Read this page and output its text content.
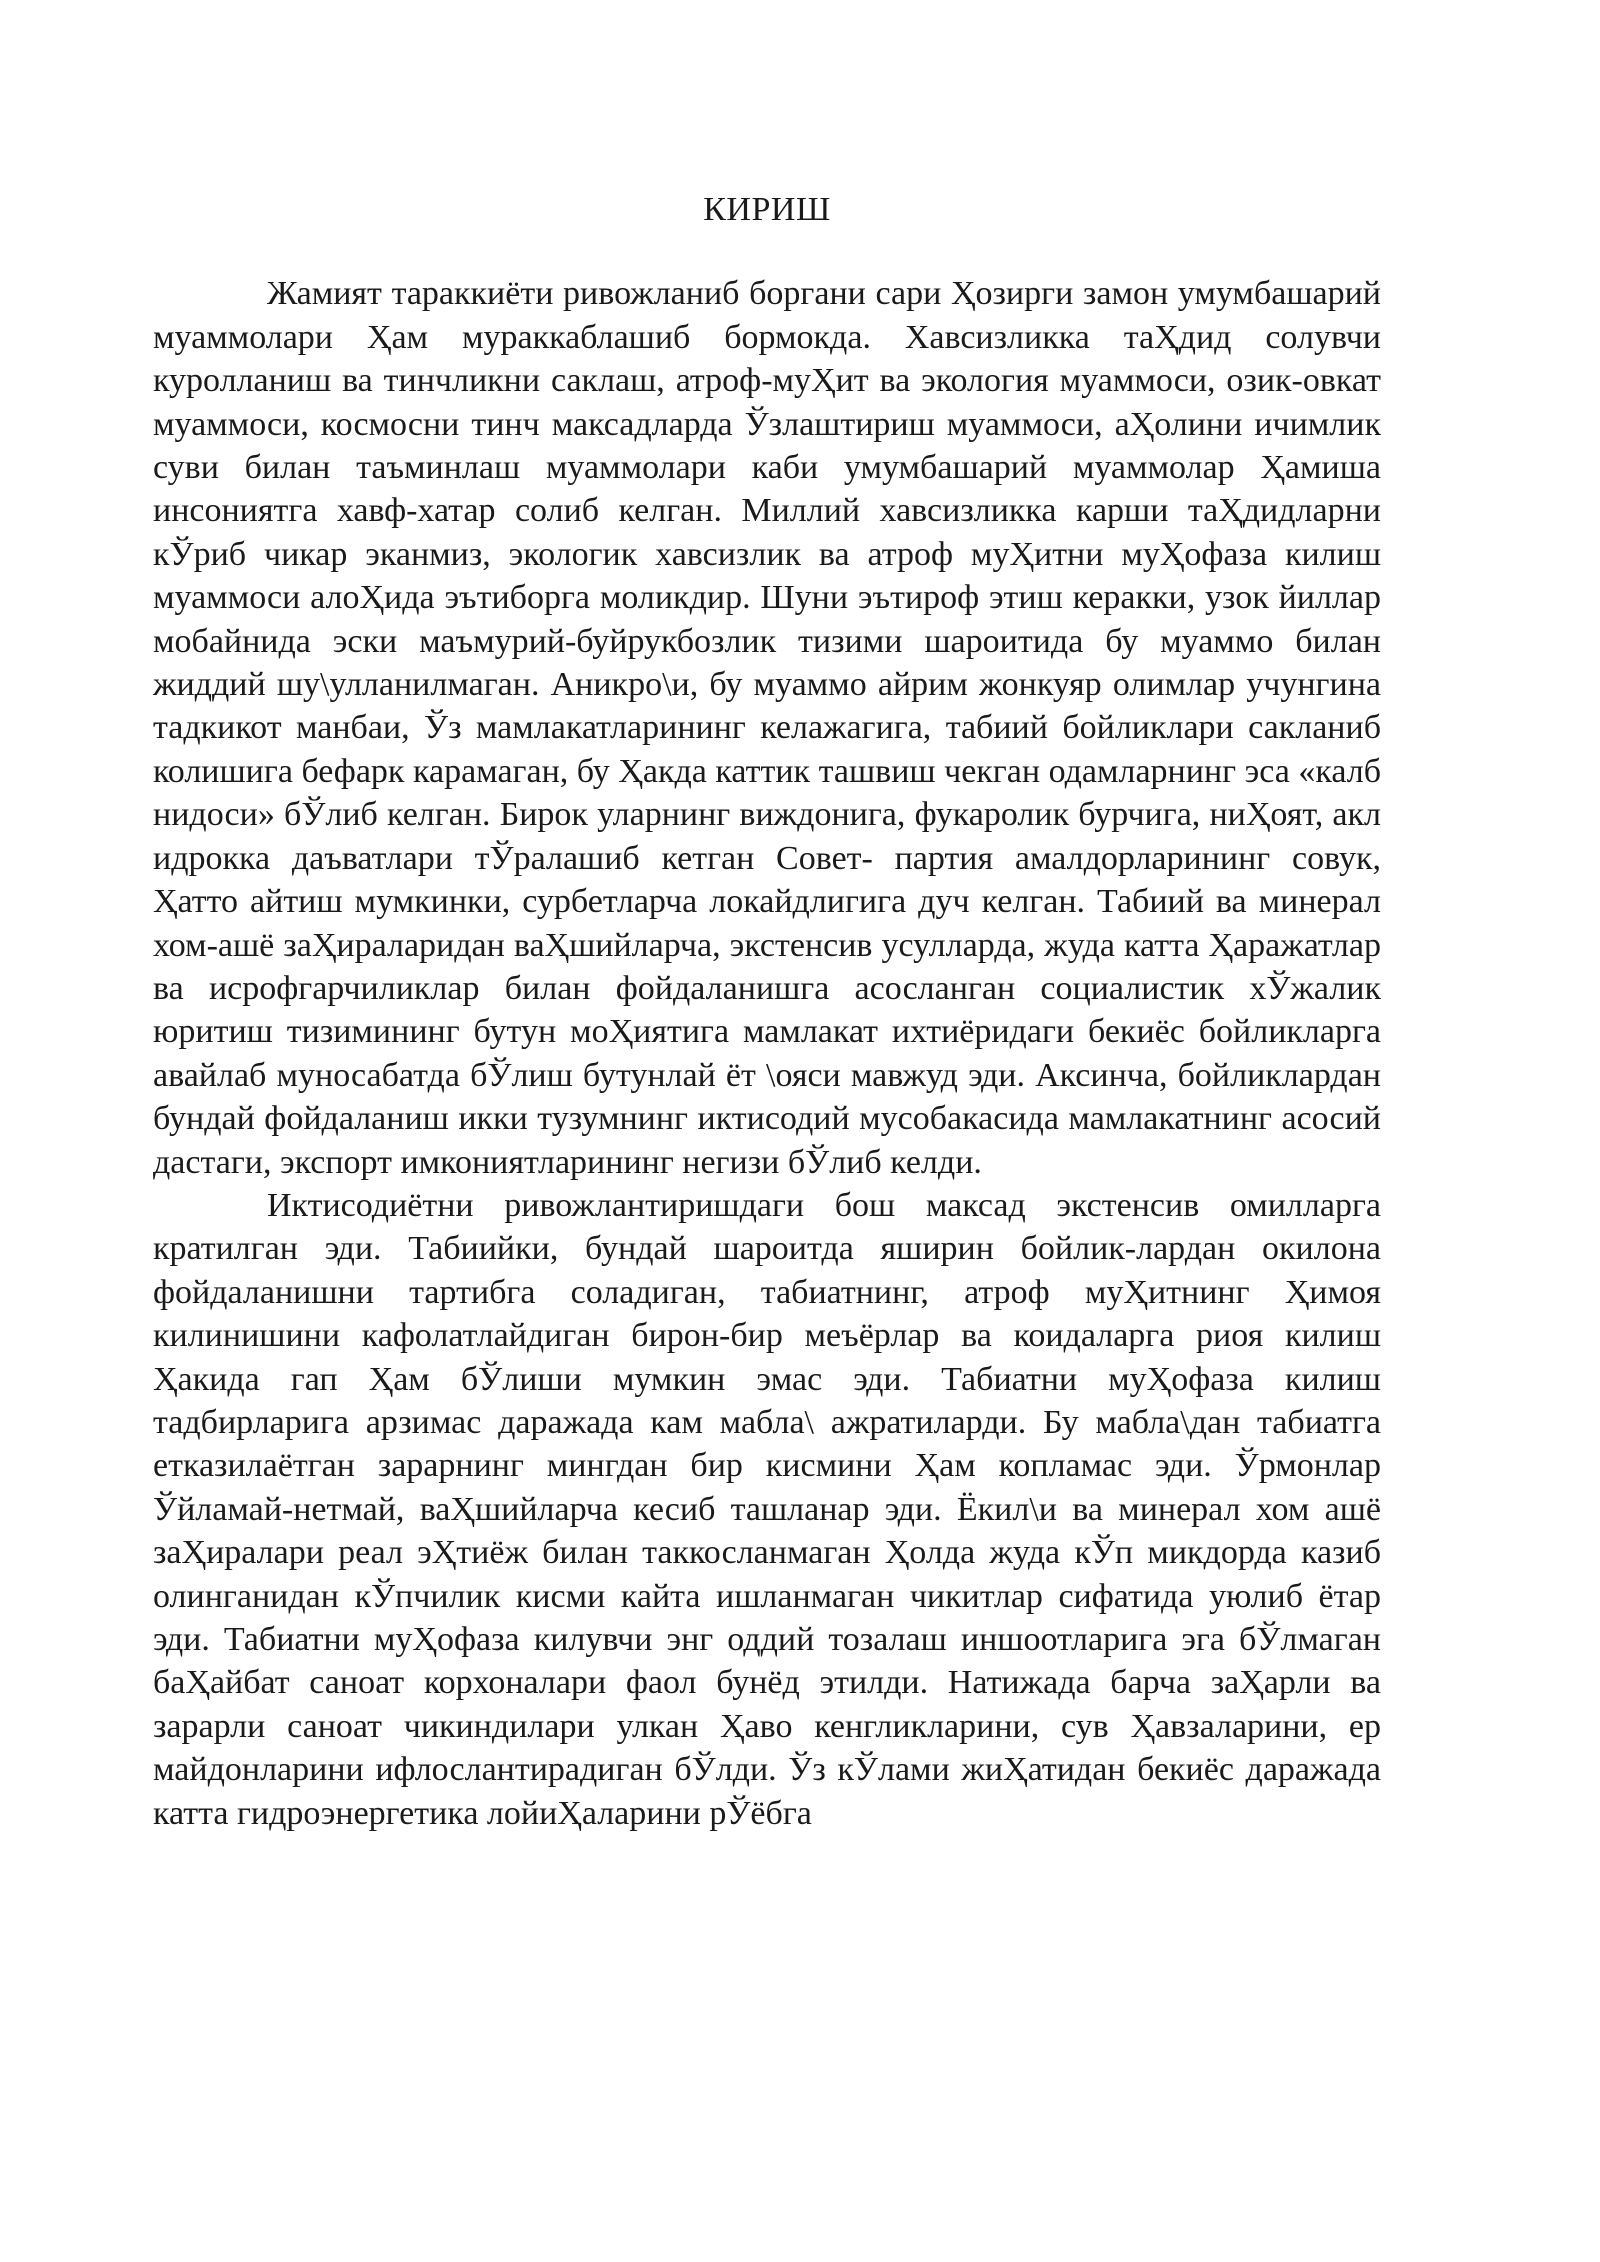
КИРИШ

Жамият тараккиёти ривожланиб боргани сари Ҳозирги замон умумбашарий муаммолари Ҳам мураккаблашиб бормокда. Хавсизликка таҲдид солувчи куролланиш ва тинчликни саклаш, атроф-муҲит ва экология муаммоси, озик-овкат муаммоси, космосни тинч максадларда Ўзлаштириш муаммоси, аҲолини ичимлик суви билан таъминлаш муаммолари каби умумбашарий муаммолар Ҳамиша инсониятга хавф-хатар солиб келган. Миллий хавсизликка карши таҲдидларни кЎриб чикар эканмиз, экологик хавсизлик ва атроф муҲитни муҲофаза килиш муаммоси алоҲида эътиборга моликдир. Шуни эътироф этиш керакки, узок йиллар мобайнида эски маъмурий-буйрукбозлик тизими шароитида бу муаммо билан жиддий шу\улланилмаган. Аникро\и, бу муаммо айрим жонкуяр олимлар учунгина тадкикот манбаи, Ўз мамлакатларининг келажагига, табиий бойликлари сакланиб колишига бефарк карамаган, бу Ҳакда каттик ташвиш чекган одамларнинг эса «калб нидоси» бЎлиб келган. Бирок уларнинг виждонига, фукаролик бурчига, ниҲоят, акл идрокка даъватлари тЎралашиб кетган Совет- партия амалдорларининг совук, Ҳатто айтиш мумкинки, сурбетларча локайдлигига дуч келган. Табиий ва минерал хом-ашё заҲираларидан ваҲшийларча, экстенсив усулларда, жуда катта Ҳаражатлар ва исрофгарчиликлар билан фойдаланишга асосланган социалистик хЎжалик юритиш тизимининг бутун моҲиятига мамлакат ихтиёридаги бекиёс бойликларга авайлаб муносабатда бЎлиш бутунлай ёт \ояси мавжуд эди. Аксинча, бойликлардан бундай фойдаланиш икки тузумнинг иктисодий мусобакасида мамлакатнинг асосий дастаги, экспорт имкониятларининг негизи бЎлиб келди.

Иктисодиётни ривожлантиришдаги бош максад экстенсив омилларга кратилган эди. Табиийки, бундай шароитда яширин бойлик-лардан окилона фойдаланишни тартибга соладиган, табиатнинг, атроф муҲитнинг Ҳимоя килинишини кафолатлайдиган бирон-бир меъёрлар ва коидаларга риоя килиш Ҳакида гап Ҳам бЎлиши мумкин эмас эди. Табиатни муҲофаза килиш тадбирларига арзимас даражада кам мабла\ ажратиларди. Бу мабла\дан табиатга етказилаётган зарарнинг мингдан бир кисмини Ҳам копламас эди. Ўрмонлар Ўйламай-нетмай, ваҲшийларча кесиб ташланар эди. Ёкил\и ва минерал хом ашё заҲиралари реал эҲтиёж билан таккосланмаган Ҳолда жуда кЎп микдорда казиб олинганидан кЎпчилик кисми кайта ишланмаган чикитлар сифатида уюлиб ётар эди. Табиатни муҲофаза килувчи энг оддий тозалаш иншоотларига эга бЎлмаган баҲайбат саноат корхоналари фаол бунёд этилди. Натижада барча заҲарли ва зарарли саноат чикиндилари улкан Ҳаво кенгликларини, сув Ҳавзаларини, ер майдонларини ифлослантирадиган бЎлди. Ўз кЎлами жиҲатидан бекиёс даражада катта гидроэнергетика лойиҲаларини рЎёбга
